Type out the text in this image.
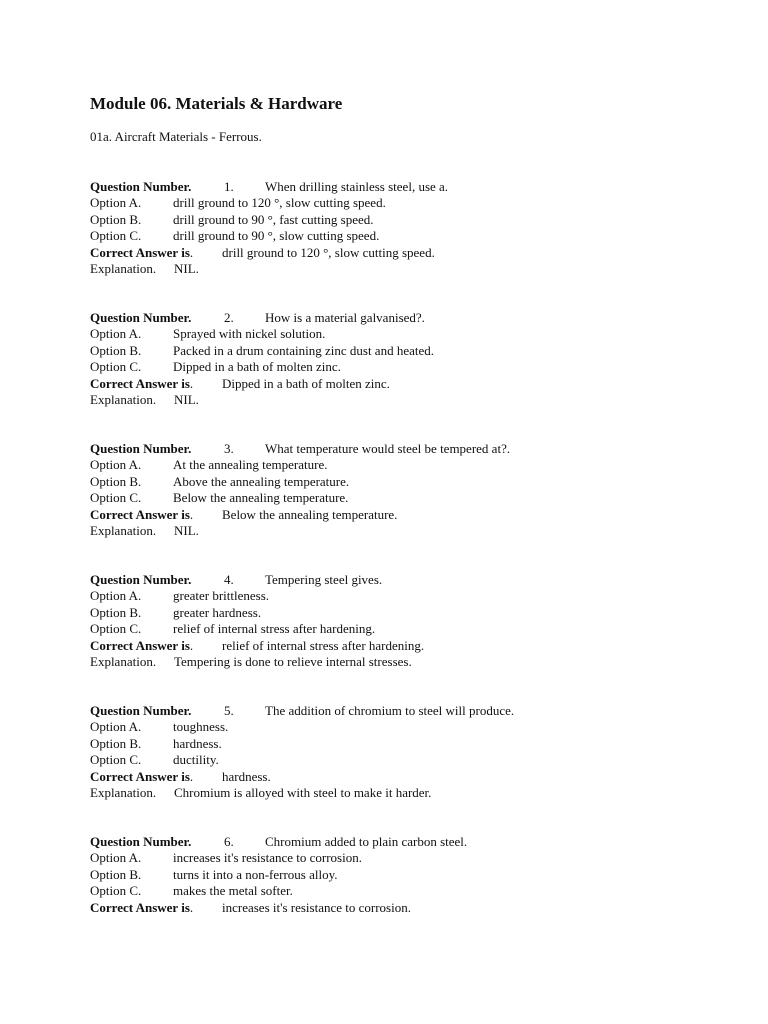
Module 06. Materials & Hardware
01a. Aircraft Materials - Ferrous.
Question Number.	1. When drilling stainless steel, use a.
Option A. drill ground to 120 °, slow cutting speed.
Option B. drill ground to 90 °, fast cutting speed.
Option C. drill ground to 90 °, slow cutting speed.
Correct Answer is. drill ground to 120 °, slow cutting speed.
Explanation. NIL.
Question Number.	2. How is a material galvanised?.
Option A. Sprayed with nickel solution.
Option B. Packed in a drum containing zinc dust and heated.
Option C. Dipped in a bath of molten zinc.
Correct Answer is. Dipped in a bath of molten zinc.
Explanation. NIL.
Question Number.	3. What temperature would steel be tempered at?.
Option A. At the annealing temperature.
Option B. Above the annealing temperature.
Option C. Below the annealing temperature.
Correct Answer is. Below the annealing temperature.
Explanation. NIL.
Question Number.	4. Tempering steel gives.
Option A. greater brittleness.
Option B. greater hardness.
Option C. relief of internal stress after hardening.
Correct Answer is. relief of internal stress after hardening.
Explanation. Tempering is done to relieve internal stresses.
Question Number.	5. The addition of chromium to steel will produce.
Option A. toughness.
Option B. hardness.
Option C. ductility.
Correct Answer is. hardness.
Explanation. Chromium is alloyed with steel to make it harder.
Question Number.	6. Chromium added to plain carbon steel.
Option A. increases it's resistance to corrosion.
Option B. turns it into a non-ferrous alloy.
Option C. makes the metal softer.
Correct Answer is. increases it's resistance to corrosion.
